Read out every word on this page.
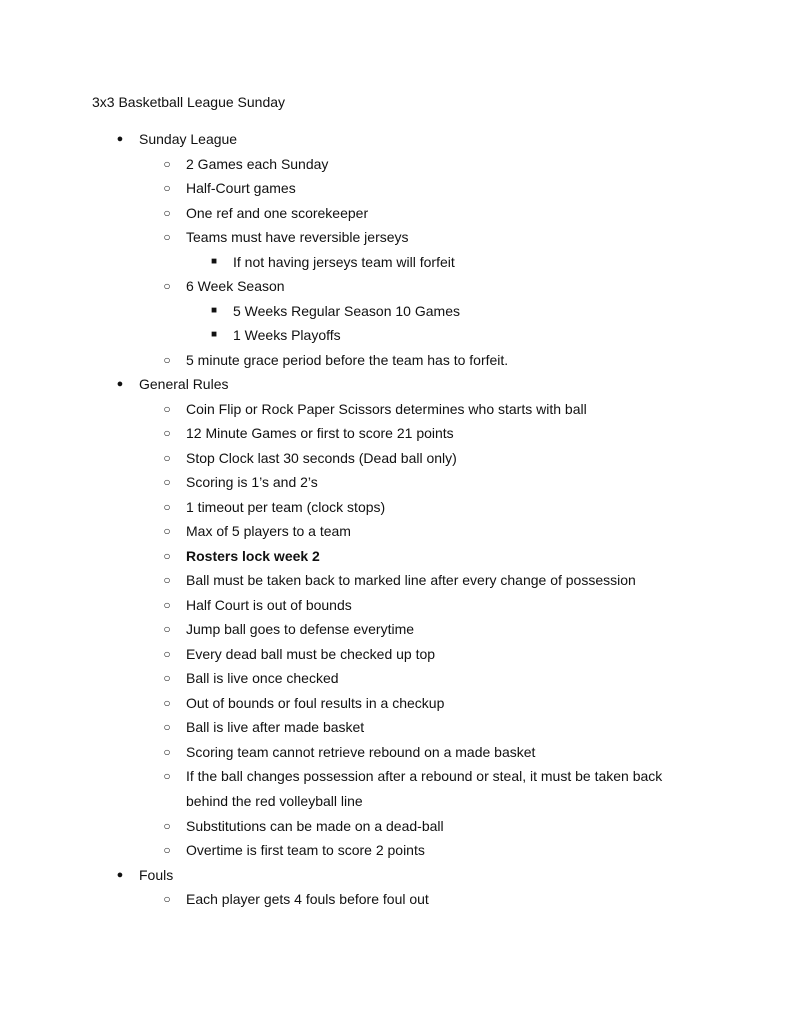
3x3 Basketball League Sunday
●	Sunday League
○	2 Games each Sunday
○	Half-Court games
○	One ref and one scorekeeper
○	Teams must have reversible jerseys
■	If not having jerseys team will forfeit
○	6 Week Season
■	5 Weeks Regular Season 10 Games
■	1 Weeks Playoffs
○	5 minute grace period before the team has to forfeit.
●	General Rules
○	Coin Flip or Rock Paper Scissors determines who starts with ball
○	12 Minute Games or first to score 21 points
○	Stop Clock last 30 seconds (Dead ball only)
○	Scoring is 1’s and 2’s
○	1 timeout per team (clock stops)
○	Max of 5 players to a team
○	Rosters lock week 2
○	Ball must be taken back to marked line after every change of possession
○	Half Court is out of bounds
○	Jump ball goes to defense everytime
○	Every dead ball must be checked up top
○	Ball is live once checked
○	Out of bounds or foul results in a checkup
○	Ball is live after made basket
○	Scoring team cannot retrieve rebound on a made basket
○	If the ball changes possession after a rebound or steal, it must be taken back
behind the red volleyball line
○	Substitutions can be made on a dead-ball
○	Overtime is first team to score 2 points
●	Fouls
○	Each player gets 4 fouls before foul out
